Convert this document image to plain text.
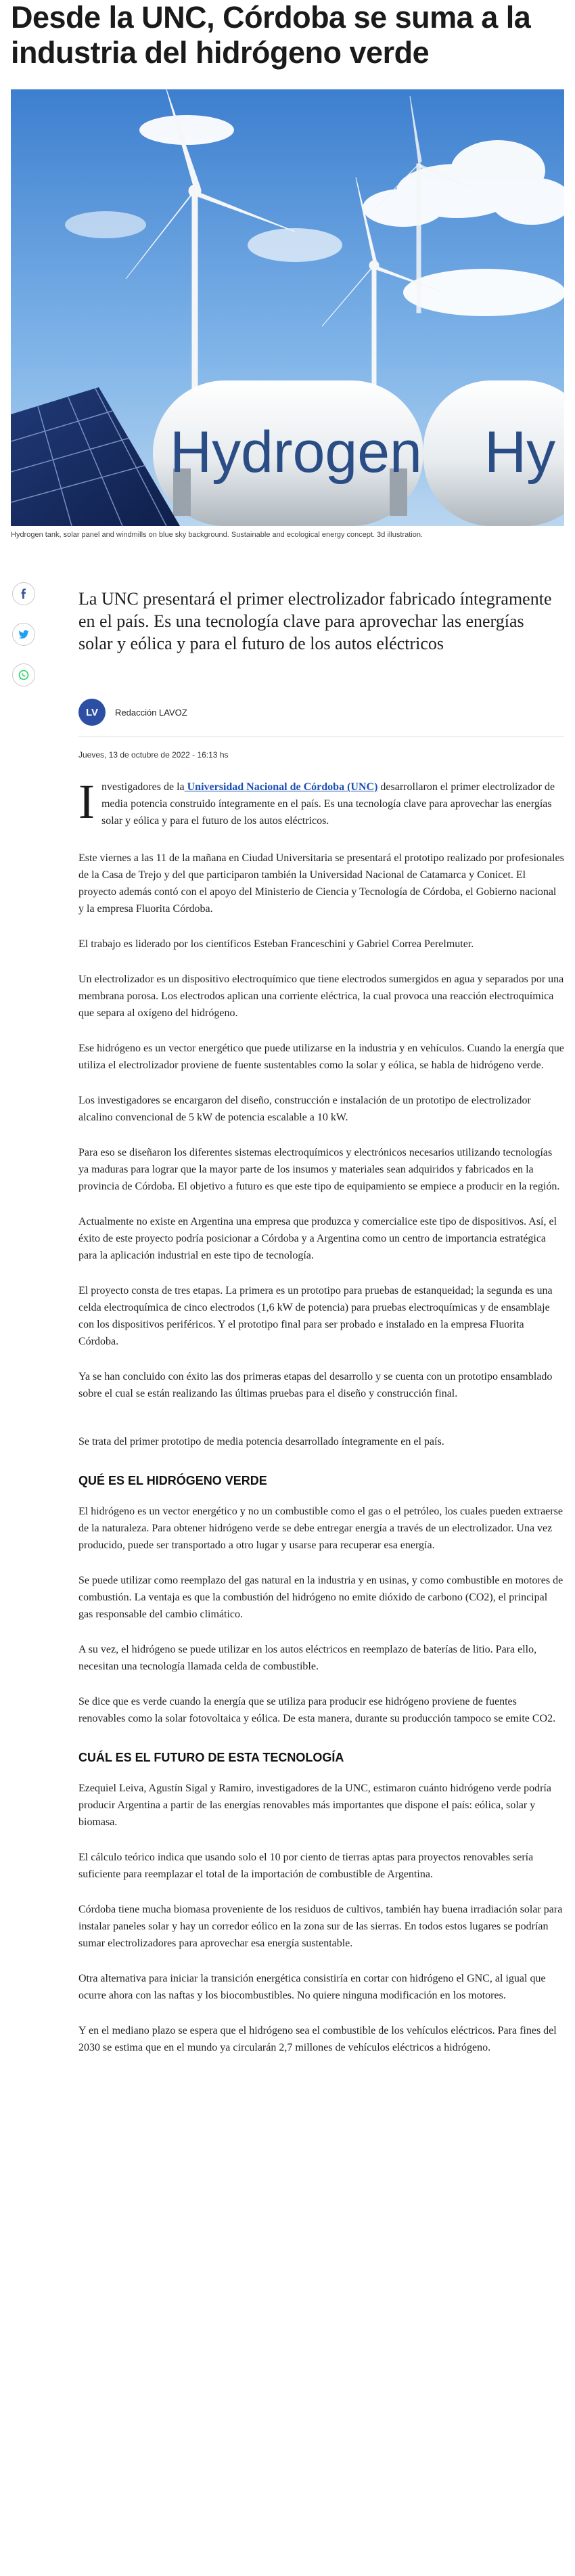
Desde la UNC, Córdoba se suma a la industria del hidrógeno verde
Hydrogen Hy
Hydrogen tank, solar panel and windmills on blue sky background. Sustainable and ecological energy concept. 3d illustration.

La UNC presentará el primer electrolizador fabricado íntegramente en el país. Es una tecnología clave para aprovechar las energías solar y eólica y para el futuro de los autos eléctricos

LV	Redacción LAVOZ
Jueves, 13 de octubre de 2022 - 16:13 hs

Investigadores de la Universidad Nacional de Córdoba (UNC) desarrollaron el primer electrolizador de media potencia construido íntegramente en el país. Es una tecnología clave para aprovechar las energías solar y eólica y para el futuro de los autos eléctricos.

Este viernes a las 11 de la mañana en Ciudad Universitaria se presentará el prototipo realizado por profesionales de la Casa de Trejo y del que participaron también la Universidad Nacional de Catamarca y Conicet. El proyecto además contó con el apoyo del Ministerio de Ciencia y Tecnología de Córdoba, el Gobierno nacional y la empresa Fluorita Córdoba.

El trabajo es liderado por los científicos Esteban Franceschini y Gabriel Correa Perelmuter.

Un electrolizador es un dispositivo electroquímico que tiene electrodos sumergidos en agua y separados por una membrana porosa. Los electrodos aplican una corriente eléctrica, la cual provoca una reacción electroquímica que separa al oxígeno del hidrógeno.

Ese hidrógeno es un vector energético que puede utilizarse en la industria y en vehículos. Cuando la energía que utiliza el electrolizador proviene de fuente sustentables como la solar y eólica, se habla de hidrógeno verde.

Los investigadores se encargaron del diseño, construcción e instalación de un prototipo de electrolizador alcalino convencional de 5 kW de potencia escalable a 10 kW.

Para eso se diseñaron los diferentes sistemas electroquímicos y electrónicos necesarios utilizando tecnologías ya maduras para lograr que la mayor parte de los insumos y materiales sean adquiridos y fabricados en la provincia de Córdoba. El objetivo a futuro es que este tipo de equipamiento se empiece a producir en la región.

Actualmente no existe en Argentina una empresa que produzca y comercialice este tipo de dispositivos. Así, el éxito de este proyecto podría posicionar a Córdoba y a Argentina como un centro de importancia estratégica para la aplicación industrial en este tipo de tecnología.

El proyecto consta de tres etapas. La primera es un prototipo para pruebas de estanqueidad; la segunda es una celda electroquímica de cinco electrodos (1,6 kW de potencia) para pruebas electroquímicas y de ensamblaje con los dispositivos periféricos. Y el prototipo final para ser probado e instalado en la empresa Fluorita Córdoba.

Ya se han concluido con éxito las dos primeras etapas del desarrollo y se cuenta con un prototipo ensamblado sobre el cual se están realizando las últimas pruebas para el diseño y construcción final.

Se trata del primer prototipo de media potencia desarrollado íntegramente en el país.

QUÉ ES EL HIDRÓGENO VERDE

El hidrógeno es un vector energético y no un combustible como el gas o el petróleo, los cuales pueden extraerse de la naturaleza. Para obtener hidrógeno verde se debe entregar energía a través de un electrolizador. Una vez producido, puede ser transportado a otro lugar y usarse para recuperar esa energía.

Se puede utilizar como reemplazo del gas natural en la industria y en usinas, y como combustible en motores de combustión. La ventaja es que la combustión del hidrógeno no emite dióxido de carbono (CO2), el principal gas responsable del cambio climático.

A su vez, el hidrógeno se puede utilizar en los autos eléctricos en reemplazo de baterías de litio. Para ello, necesitan una tecnología llamada celda de combustible.

Se dice que es verde cuando la energía que se utiliza para producir ese hidrógeno proviene de fuentes renovables como la solar fotovoltaica y eólica. De esta manera, durante su producción tampoco se emite CO2.

CUÁL ES EL FUTURO DE ESTA TECNOLOGÍA

Ezequiel Leiva, Agustín Sigal y Ramiro, investigadores de la UNC, estimaron cuánto hidrógeno verde podría producir Argentina a partir de las energías renovables más importantes que dispone el país: eólica, solar y biomasa.

El cálculo teórico indica que usando solo el 10 por ciento de tierras aptas para proyectos renovables sería suficiente para reemplazar el total de la importación de combustible de Argentina.

Córdoba tiene mucha biomasa proveniente de los residuos de cultivos, también hay buena irradiación solar para instalar paneles solar y hay un corredor eólico en la zona sur de las sierras. En todos estos lugares se podrían sumar electrolizadores para aprovechar esa energía sustentable.

Otra alternativa para iniciar la transición energética consistiría en cortar con hidrógeno el GNC, al igual que ocurre ahora con las naftas y los biocombustibles. No quiere ninguna modificación en los motores.

Y en el mediano plazo se espera que el hidrógeno sea el combustible de los vehículos eléctricos. Para fines del 2030 se estima que en el mundo ya circularán 2,7 millones de vehículos eléctricos a hidrógeno.
